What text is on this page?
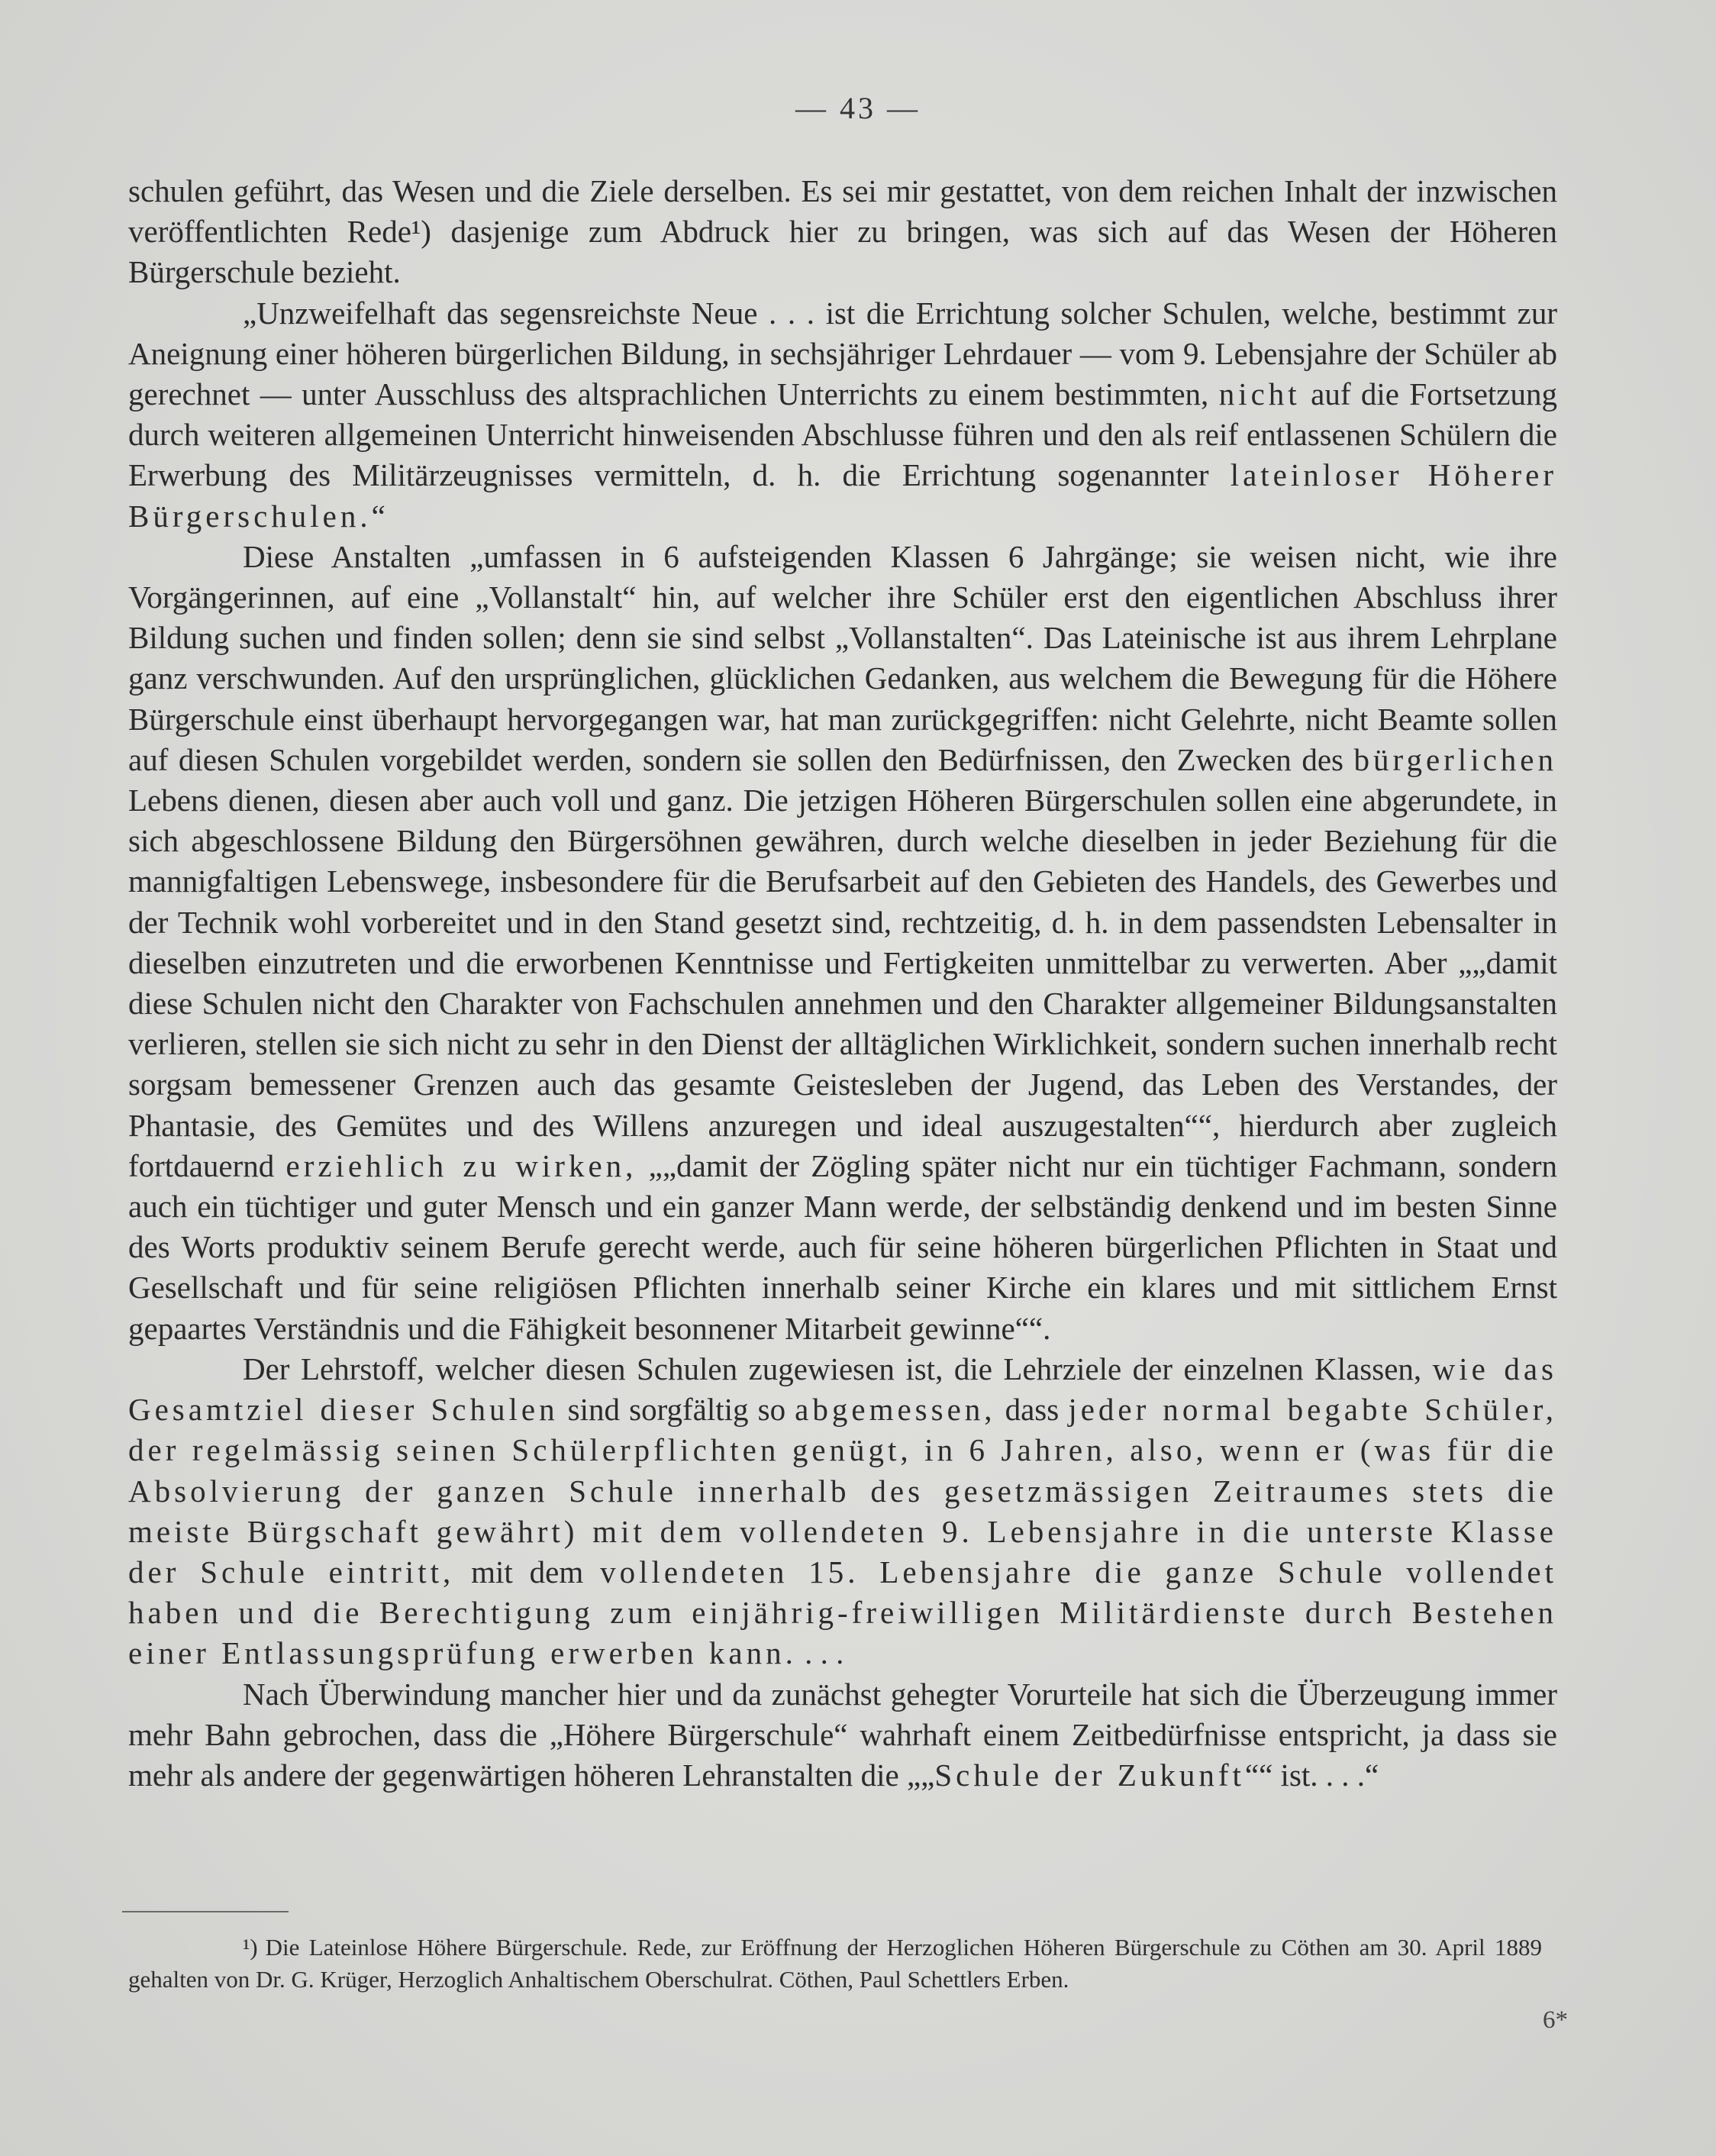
— 43 —

schulen geführt, das Wesen und die Ziele derselben. Es sei mir gestattet, von dem reichen Inhalt der inzwischen veröffentlichten Rede¹) dasjenige zum Abdruck hier zu bringen, was sich auf das Wesen der Höheren Bürgerschule bezieht.

„Unzweifelhaft das segensreichste Neue . . . ist die Errichtung solcher Schulen, welche, bestimmt zur Aneignung einer höheren bürgerlichen Bildung, in sechsjähriger Lehrdauer — vom 9. Lebensjahre der Schüler ab gerechnet — unter Ausschluss des altsprachlichen Unterrichts zu einem bestimmten, nicht auf die Fortsetzung durch weiteren allgemeinen Unterricht hinweisenden Abschlusse führen und den als reif entlassenen Schülern die Erwerbung des Militärzeugnisses vermitteln, d. h. die Errichtung sogenannter lateinloser Höherer Bürgerschulen.“

Diese Anstalten „umfassen in 6 aufsteigenden Klassen 6 Jahrgänge; sie weisen nicht, wie ihre Vorgängerinnen, auf eine „Vollanstalt“ hin, auf welcher ihre Schüler erst den eigentlichen Abschluss ihrer Bildung suchen und finden sollen; denn sie sind selbst „Vollanstalten“. Das Lateinische ist aus ihrem Lehrplane ganz verschwunden. Auf den ursprünglichen, glücklichen Gedanken, aus welchem die Bewegung für die Höhere Bürgerschule einst überhaupt hervorgegangen war, hat man zurückgegriffen: nicht Gelehrte, nicht Beamte sollen auf diesen Schulen vorgebildet werden, sondern sie sollen den Bedürfnissen, den Zwecken des bürgerlichen Lebens dienen, diesen aber auch voll und ganz. Die jetzigen Höheren Bürgerschulen sollen eine abgerundete, in sich abgeschlossene Bildung den Bürgersöhnen gewähren, durch welche dieselben in jeder Beziehung für die mannigfaltigen Lebenswege, insbesondere für die Berufsarbeit auf den Gebieten des Handels, des Gewerbes und der Technik wohl vorbereitet und in den Stand gesetzt sind, rechtzeitig, d. h. in dem passendsten Lebensalter in dieselben einzutreten und die erworbenen Kenntnisse und Fertigkeiten unmittelbar zu verwerten. Aber „„damit diese Schulen nicht den Charakter von Fachschulen annehmen und den Charakter allgemeiner Bildungsanstalten verlieren, stellen sie sich nicht zu sehr in den Dienst der alltäglichen Wirklichkeit, sondern suchen innerhalb recht sorgsam bemessener Grenzen auch das gesamte Geistesleben der Jugend, das Leben des Verstandes, der Phantasie, des Gemütes und des Willens anzuregen und ideal auszugestalten““, hierdurch aber zugleich fortdauernd erziehlich zu wirken, „„damit der Zögling später nicht nur ein tüchtiger Fachmann, sondern auch ein tüchtiger und guter Mensch und ein ganzer Mann werde, der selbständig denkend und im besten Sinne des Worts produktiv seinem Berufe gerecht werde, auch für seine höheren bürgerlichen Pflichten in Staat und Gesellschaft und für seine religiösen Pflichten innerhalb seiner Kirche ein klares und mit sittlichem Ernst gepaartes Verständnis und die Fähigkeit besonnener Mitarbeit gewinne““.

Der Lehrstoff, welcher diesen Schulen zugewiesen ist, die Lehrziele der einzelnen Klassen, wie das Gesamtziel dieser Schulen sind sorgfältig so abgemessen, dass jeder normal begabte Schüler, der regelmässig seinen Schülerpflichten genügt, in 6 Jahren, also, wenn er (was für die Absolvierung der ganzen Schule innerhalb des gesetzmässigen Zeitraumes stets die meiste Bürgschaft gewährt) mit dem vollendeten 9. Lebensjahre in die unterste Klasse der Schule eintritt, mit dem vollendeten 15. Lebensjahre die ganze Schule vollendet haben und die Berechtigung zum einjährig-freiwilligen Militärdienste durch Bestehen einer Entlassungsprüfung erwerben kann. . . .

Nach Überwindung mancher hier und da zunächst gehegter Vorurteile hat sich die Überzeugung immer mehr Bahn gebrochen, dass die „Höhere Bürgerschule“ wahrhaft einem Zeitbedürfnisse entspricht, ja dass sie mehr als andere der gegenwärtigen höheren Lehranstalten die „„Schule der Zukunft““ ist. . . .“

¹) Die Lateinlose Höhere Bürgerschule. Rede, zur Eröffnung der Herzoglichen Höheren Bürgerschule zu Cöthen am 30. April 1889 gehalten von Dr. G. Krüger, Herzoglich Anhaltischem Oberschulrat. Cöthen, Paul Schettlers Erben.
6*
